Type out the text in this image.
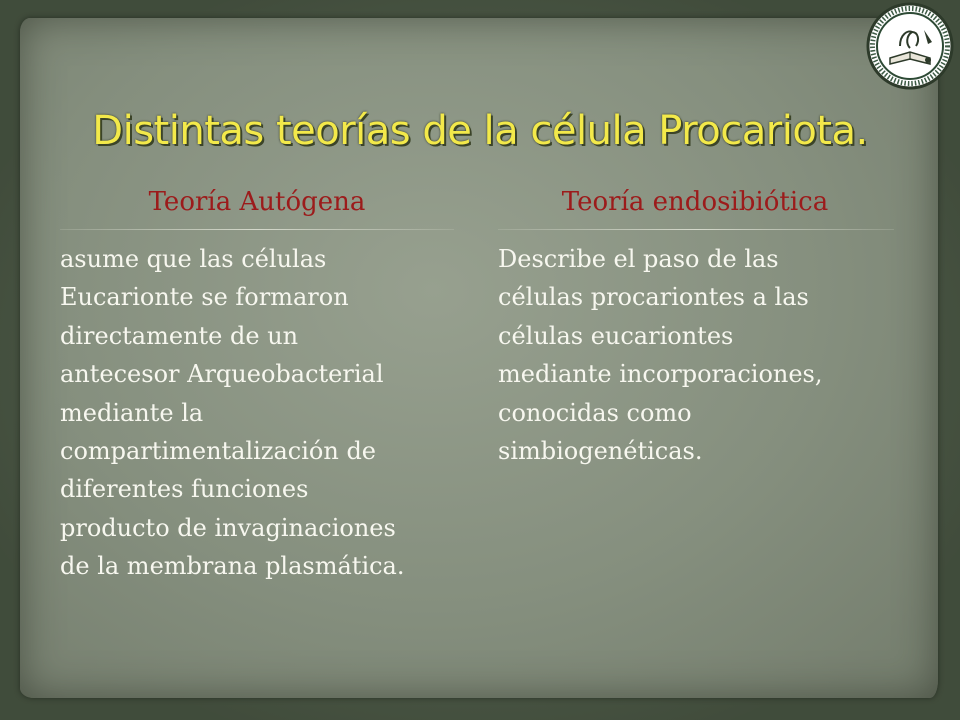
Distintas teorías de la célula Procariota.
Teoría Autógena
asume que las células
Eucarionte se formaron
directamente de un
antecesor Arqueobacterial
mediante la
compartimentalización de
diferentes funciones
producto de invaginaciones
de la membrana plasmática.
Teoría endosibiótica
Describe el paso de las
células procariontes a las
células eucariontes
mediante incorporaciones,
conocidas como
simbiogenéticas.
